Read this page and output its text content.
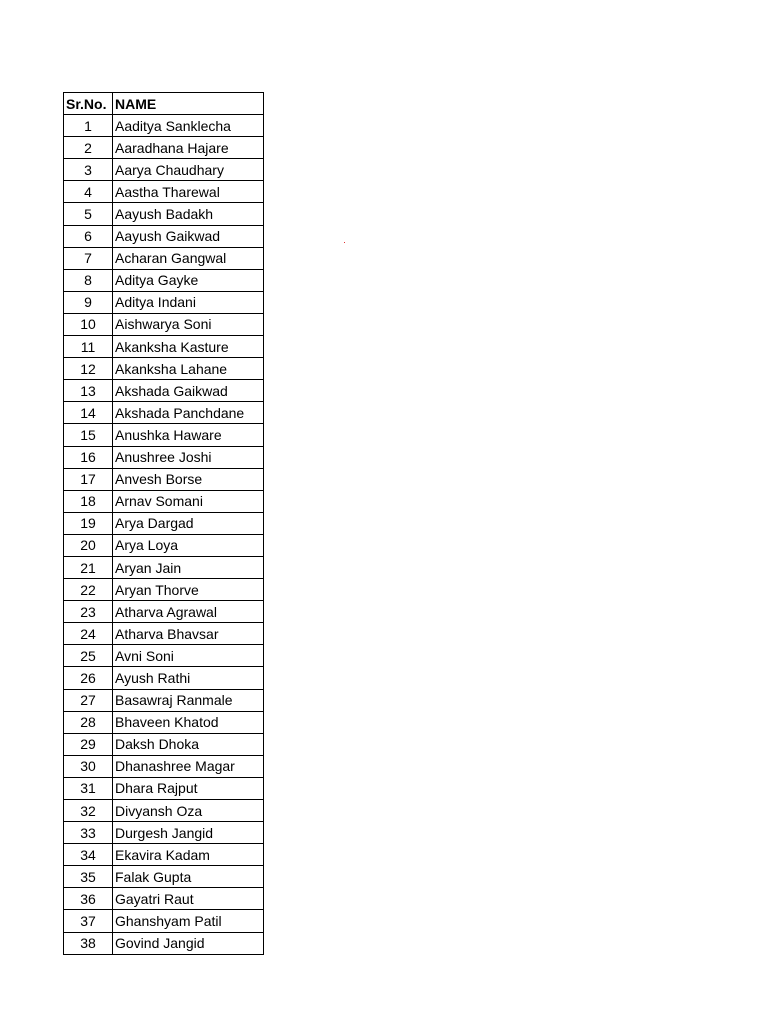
Sr.No.	NAME
1	Aaditya Sanklecha
2	Aaradhana Hajare
3	Aarya Chaudhary
4	Aastha Tharewal
5	Aayush Badakh
6	Aayush Gaikwad
7	Acharan Gangwal
8	Aditya Gayke
9	Aditya Indani
10	Aishwarya Soni
11	Akanksha Kasture
12	Akanksha Lahane
13	Akshada Gaikwad
14	Akshada Panchdane
15	Anushka Haware
16	Anushree Joshi
17	Anvesh Borse
18	Arnav Somani
19	Arya Dargad
20	Arya Loya
21	Aryan Jain
22	Aryan Thorve
23	Atharva Agrawal
24	Atharva Bhavsar
25	Avni Soni
26	Ayush Rathi
27	Basawraj Ranmale
28	Bhaveen Khatod
29	Daksh Dhoka
30	Dhanashree Magar
31	Dhara Rajput
32	Divyansh Oza
33	Durgesh Jangid
34	Ekavira Kadam
35	Falak Gupta
36	Gayatri Raut
37	Ghanshyam Patil
38	Govind Jangid
